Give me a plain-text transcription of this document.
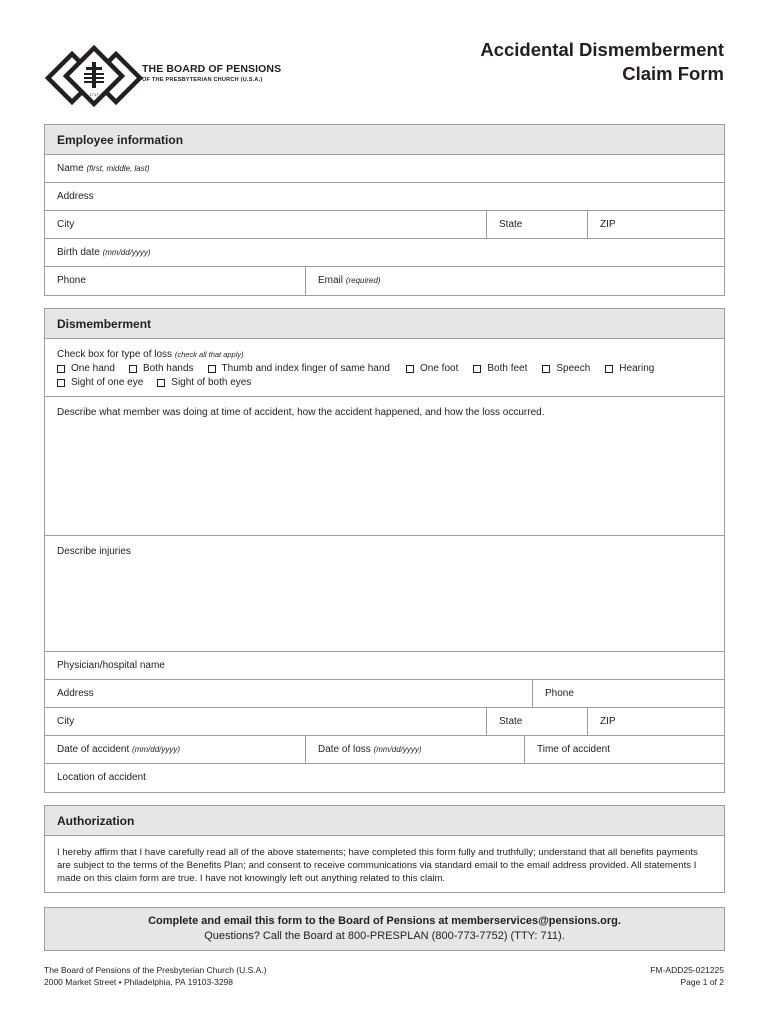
1717
THE BOARD OF PENSIONS
OF THE PRESBYTERIAN CHURCH (U.S.A.)
Accidental Dismemberment
Claim Form
Employee information
Name (first, middle, last)
Address
City	State	ZIP
Birth date (mm/dd/yyyy)
Phone	Email (required)
Dismemberment
Check box for type of loss (check all that apply)
One hand	Both hands	Thumb and index finger of same hand	One foot	Both feet	Speech	Hearing
Sight of one eye	Sight of both eyes
Describe what member was doing at time of accident, how the accident happened, and how the loss occurred.
Describe injuries
Physician/hospital name
Address	Phone
City	State	ZIP
Date of accident (mm/dd/yyyy)	Date of loss (mm/dd/yyyy)	Time of accident
Location of accident
Authorization
I hereby affirm that I have carefully read all of the above statements; have completed this form fully and truthfully; understand that all benefits payments are subject to the terms of the Benefits Plan; and consent to receive communications via standard email to the email address provided. All statements I made on this claim form are true. I have not knowingly left out anything related to this claim.
Complete and email this form to the Board of Pensions at memberservices@pensions.org.
Questions? Call the Board at 800-PRESPLAN (800-773-7752) (TTY: 711).
The Board of Pensions of the Presbyterian Church (U.S.A.)
2000 Market Street • Philadelphia, PA 19103-3298
FM-ADD25-021225
Page 1 of 2
